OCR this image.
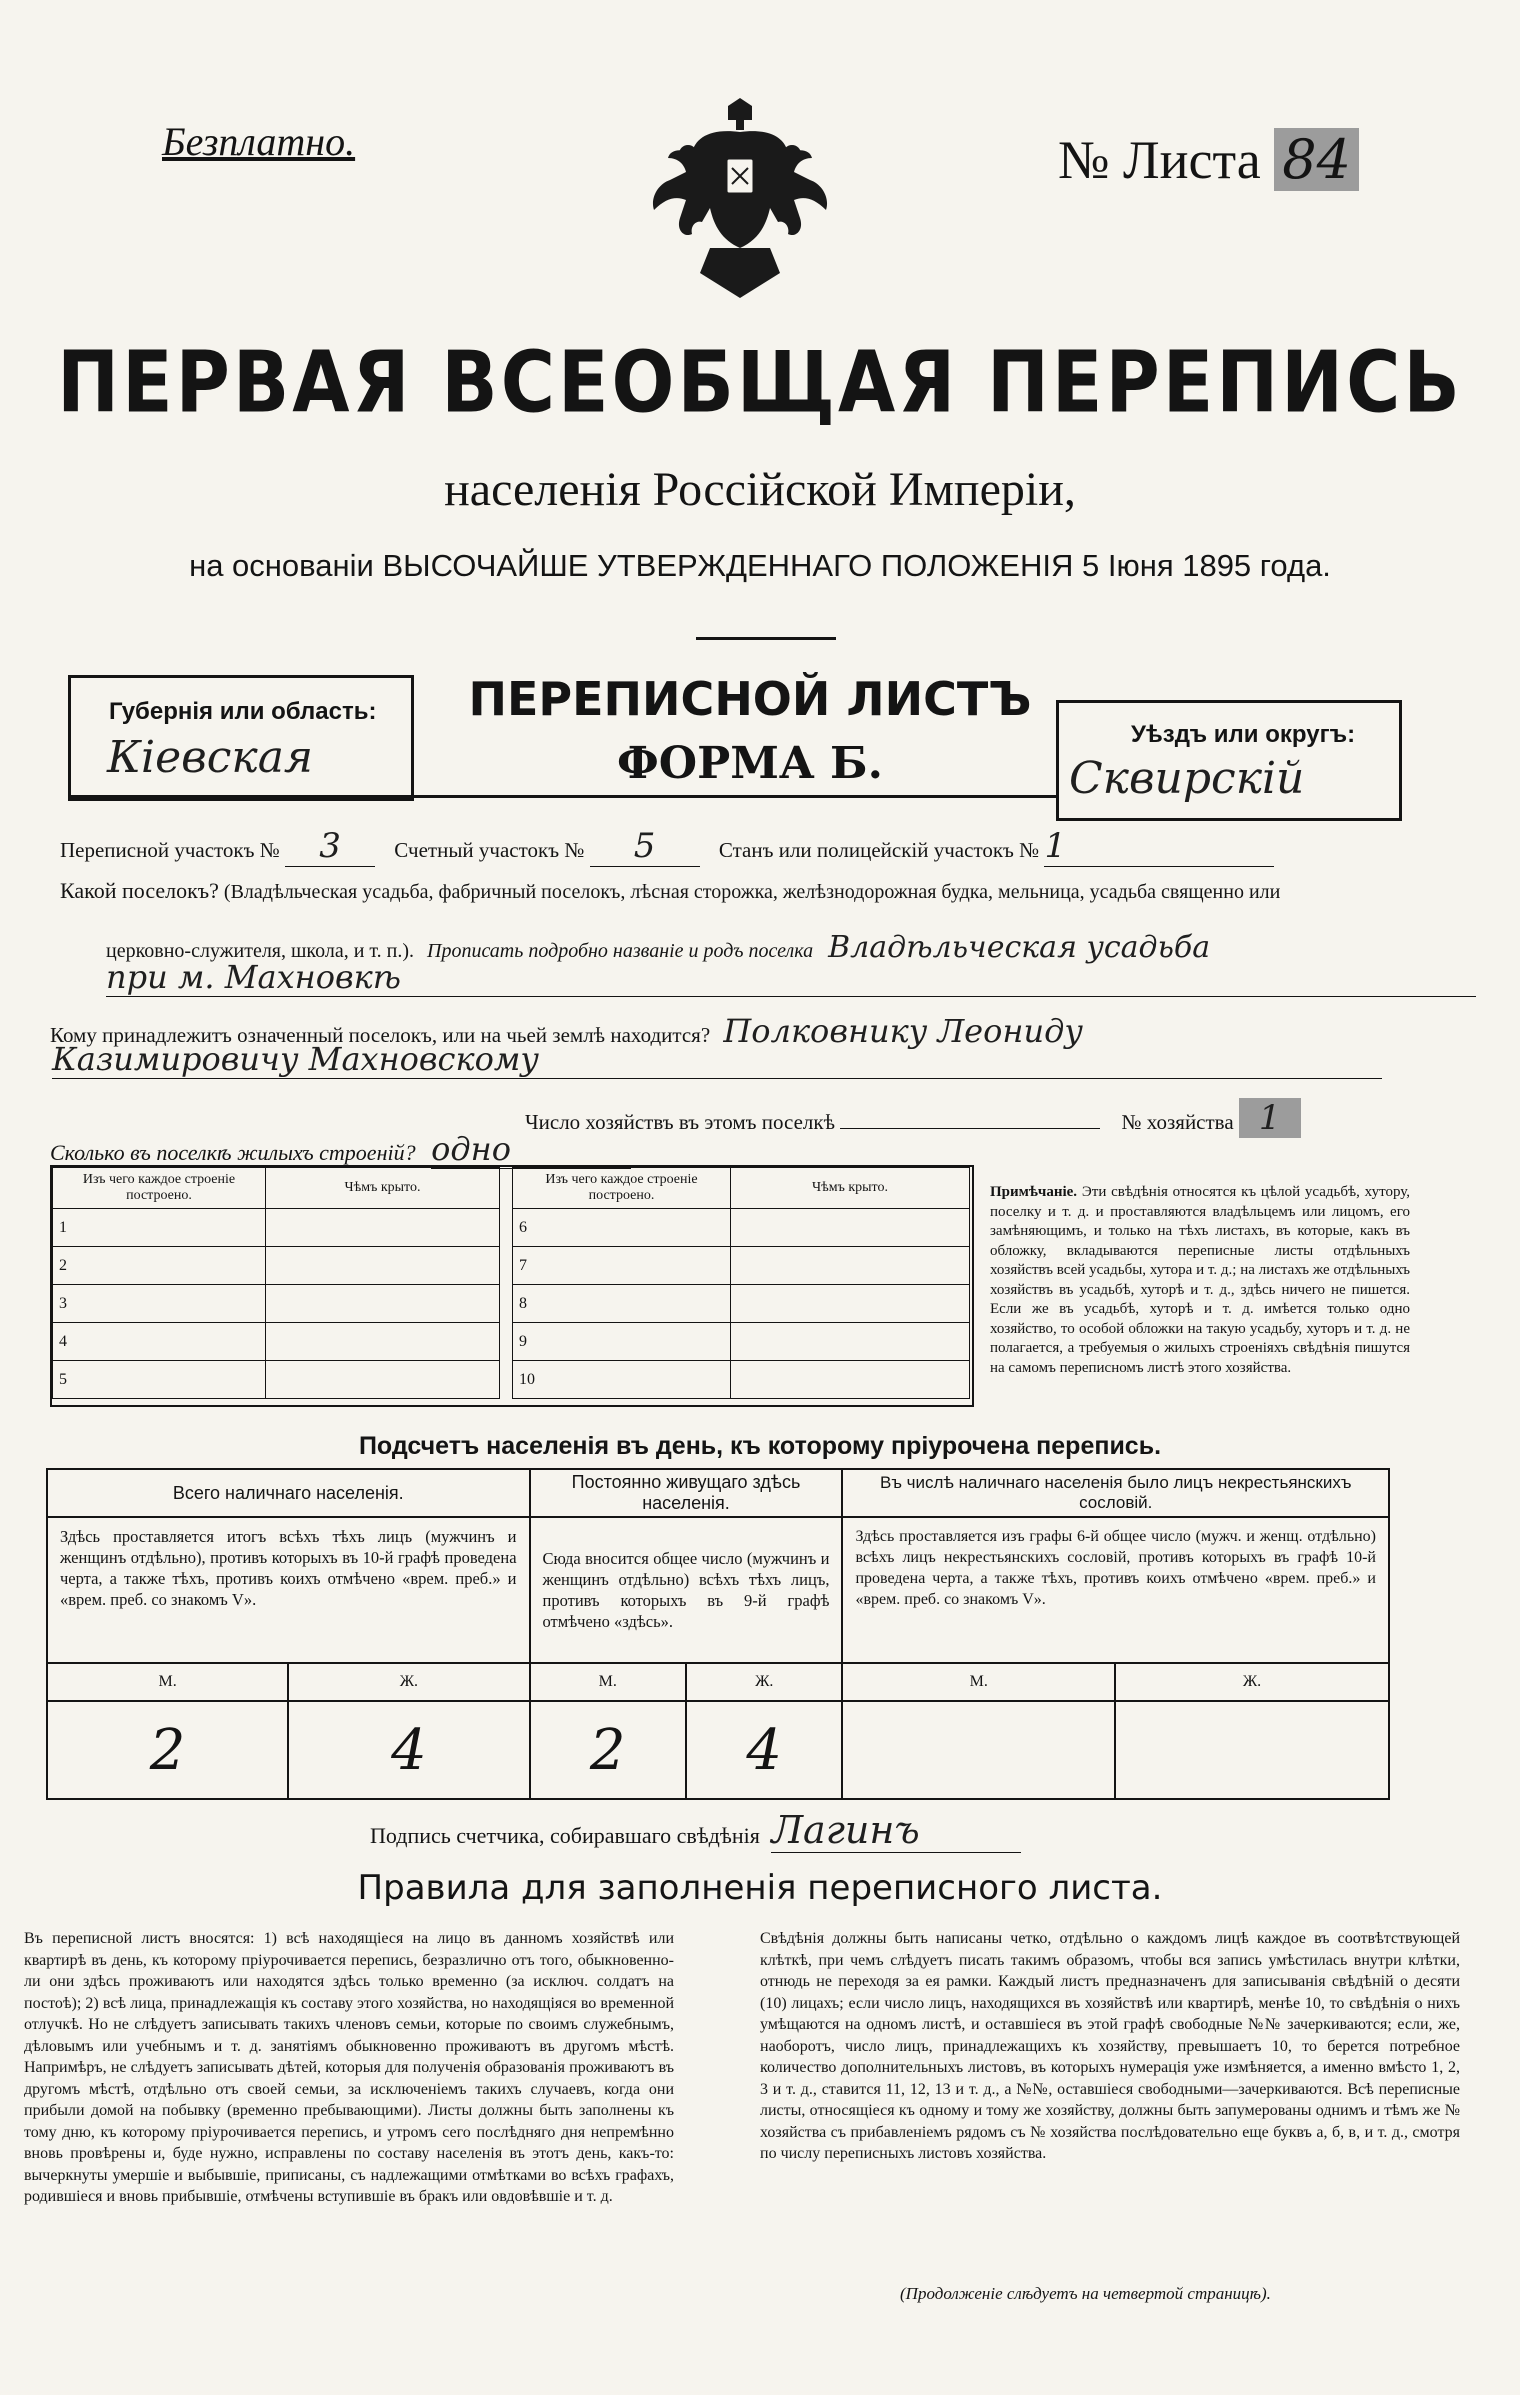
Безплатно.	№ Листа 84
ПЕРВАЯ ВСЕОБЩАЯ ПЕРЕПИСЬ
населенія Россійской Имперіи,
на основаніи ВЫСОЧАЙШЕ УТВЕРЖДЕННАГО ПОЛОЖЕНІЯ 5 Іюня 1895 года.
Губернія или область:
Кіевская
ПЕРЕПИСНОЙ ЛИСТЪ
ФОРМА Б.
Уѣздъ или округъ:
Сквирскій
Переписной участокъ № 3	Счетный участокъ № 5	Станъ или полицейскій участокъ № 1
Какой поселокъ? (Владѣльческая усадьба, фабричный поселокъ, лѣсная сторожка, желѣзнодорожная будка, мельница, усадьба священно или
церковно-служителя, школа, и т. п.). Прописать подробно названіе и родъ поселка Владѣльческая усадьба
при м. Махновкѣ
Кому принадлежитъ означенный поселокъ, или на чьей землѣ находится? Полковнику Леониду
Казимировичу Махновскому
Число хозяйствъ въ этомъ поселкѣ	№ хозяйства 1
Сколько въ поселкѣ жилыхъ строеній? одно
Изъ чего каждое строеніе построено.	Чѣмъ крыто.
1	
2	
3	
4	
5	
Изъ чего каждое строеніе построено.	Чѣмъ крыто.
6	
7	
8	
9	
10	
Примѣчаніе. Эти свѣдѣнія относятся къ цѣлой усадьбѣ, хутору, поселку и т. д. и проставляются владѣльцемъ или лицомъ, его замѣняющимъ, и только на тѣхъ листахъ, въ которые, какъ въ обложку, вкладываются переписные листы отдѣльныхъ хозяйствъ всей усадьбы, хутора и т. д.; на листахъ же отдѣльныхъ хозяйствъ въ усадьбѣ, хуторѣ и т. д., здѣсь ничего не пишется. Если же въ усадьбѣ, хуторѣ и т. д. имѣется только одно хозяйство, то особой обложки на такую усадьбу, хуторъ и т. д. не полагается, а требуемыя о жилыхъ строеніяхъ свѣдѣнія пишутся на самомъ переписномъ листѣ этого хозяйства.
Подсчетъ населенія въ день, къ которому пріурочена перепись.
Всего наличнаго населенія.		Постоянно живущаго здѣсь населенія.		Въ числѣ наличнаго населенія было лицъ некрестьянскихъ сословій.	
Здѣсь проставляется итогъ всѣхъ тѣхъ лицъ (мужчинъ и женщинъ отдѣльно), противъ которыхъ въ 10-й графѣ проведена черта, а также тѣхъ, противъ коихъ отмѣчено «врем. преб.» и «врем. преб. со знакомъ V».		Сюда вносится общее число (мужчинъ и женщинъ отдѣльно) всѣхъ тѣхъ лицъ, противъ которыхъ въ 9-й графѣ отмѣчено «здѣсь».		Здѣсь проставляется изъ графы 6-й общее число (мужч. и женщ. отдѣльно) всѣхъ лицъ некрестьянскихъ сословій, противъ которыхъ въ графѣ 10-й проведена черта, а также тѣхъ, противъ коихъ отмѣчено «врем. преб.» и «врем. преб. со знакомъ V».	
М.	Ж.	М.	Ж.	М.	Ж.
2	4	2	4		
Подпись счетчика, собиравшаго свѣдѣнія Лагинъ
Правила для заполненія переписного листа.
Въ переписной листъ вносятся: 1) всѣ находящіеся на лицо въ данномъ хозяйствѣ или квартирѣ въ день, къ которому пріурочивается перепись, безразлично отъ того, обыкновенно-ли они здѣсь проживаютъ или находятся здѣсь только временно (за исключ. солдатъ на постоѣ); 2) всѣ лица, принадлежащія къ составу этого хозяйства, но находящіяся во временной отлучкѣ. Но не слѣдуетъ записывать такихъ членовъ семьи, которые по своимъ служебнымъ, дѣловымъ или учебнымъ и т. д. занятіямъ обыкновенно проживаютъ въ другомъ мѣстѣ. Напримѣръ, не слѣдуетъ записывать дѣтей, которыя для полученія образованія проживаютъ въ другомъ мѣстѣ, отдѣльно отъ своей семьи, за исключеніемъ такихъ случаевъ, когда они прибыли домой на побывку (временно пребывающими). Листы должны быть заполнены къ тому дню, къ которому пріурочивается перепись, и утромъ сего послѣдняго дня непремѣнно вновь провѣрены и, буде нужно, исправлены по составу населенія въ этотъ день, какъ-то: вычеркнуты умершіе и выбывшіе, приписаны, съ надлежащими отмѣтками во всѣхъ графахъ, родившіеся и вновь прибывшіе, отмѣчены вступившіе въ бракъ или овдовѣвшіе и т. д.
Свѣдѣнія должны быть написаны четко, отдѣльно о каждомъ лицѣ каждое въ соотвѣтствующей клѣткѣ, при чемъ слѣдуетъ писать такимъ образомъ, чтобы вся запись умѣстилась внутри клѣтки, отнюдь не переходя за ея рамки. Каждый листъ предназначенъ для записыванія свѣдѣній о десяти (10) лицахъ; если число лицъ, находящихся въ хозяйствѣ или квартирѣ, менѣе 10, то свѣдѣнія о нихъ умѣщаются на одномъ листѣ, и оставшіеся въ этой графѣ свободные №№ зачеркиваются; если, же, наоборотъ, число лицъ, принадлежащихъ къ хозяйству, превышаетъ 10, то берется потребное количество дополнительныхъ листовъ, въ которыхъ нумерація уже измѣняется, а именно вмѣсто 1, 2, 3 и т. д., ставится 11, 12, 13 и т. д., а №№, оставшіеся свободными—зачеркиваются. Всѣ переписные листы, относящіеся къ одному и тому же хозяйству, должны быть запумерованы однимъ и тѣмъ же № хозяйства съ прибавленіемъ рядомъ съ № хозяйства послѣдовательно еще буквъ а, б, в, и т. д., смотря по числу переписныхъ листовъ хозяйства.
(Продолженіе слѣдуетъ на четвертой страницѣ).
